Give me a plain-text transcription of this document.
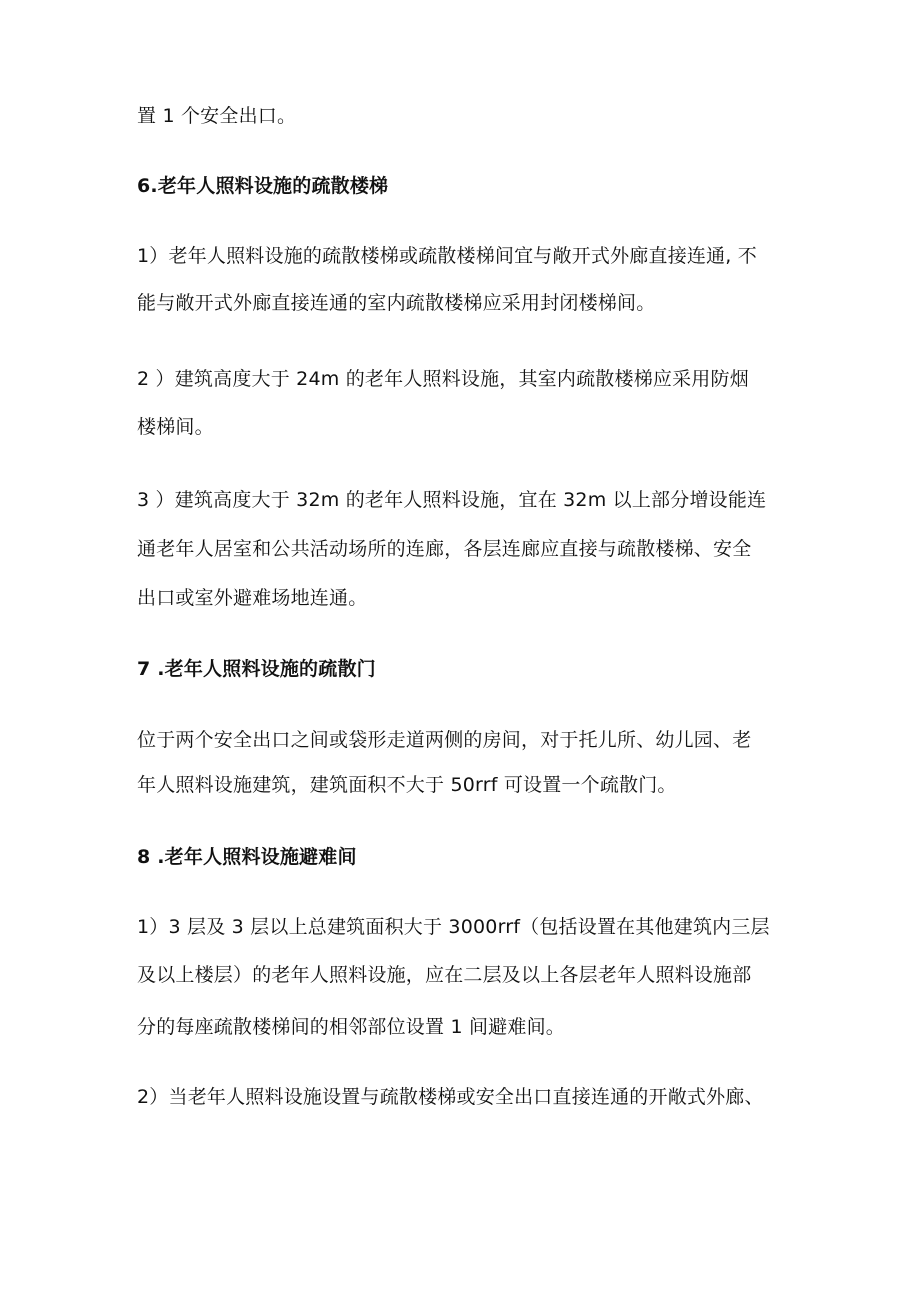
置 1 个安全出口。
6.老年人照料设施的疏散楼梯
1）老年人照料设施的疏散楼梯或疏散楼梯间宜与敞开式外廊直接连通, 不
能与敞开式外廊直接连通的室内疏散楼梯应采用封闭楼梯间。
2 ）建筑高度大于 24m 的老年人照料设施，其室内疏散楼梯应采用防烟
楼梯间。
3 ）建筑高度大于 32m 的老年人照料设施，宜在 32m 以上部分增设能连
通老年人居室和公共活动场所的连廊，各层连廊应直接与疏散楼梯、安全
出口或室外避难场地连通。
7 .老年人照料设施的疏散门
位于两个安全出口之间或袋形走道两侧的房间，对于托儿所、幼儿园、老
年人照料设施建筑，建筑面积不大于 50rrf 可设置一个疏散门。
8 .老年人照料设施避难间
1）3 层及 3 层以上总建筑面积大于 3000rrf（包括设置在其他建筑内三层
及以上楼层）的老年人照料设施，应在二层及以上各层老年人照料设施部
分的每座疏散楼梯间的相邻部位设置 1 间避难间。
2）当老年人照料设施设置与疏散楼梯或安全出口直接连通的开敞式外廊、
